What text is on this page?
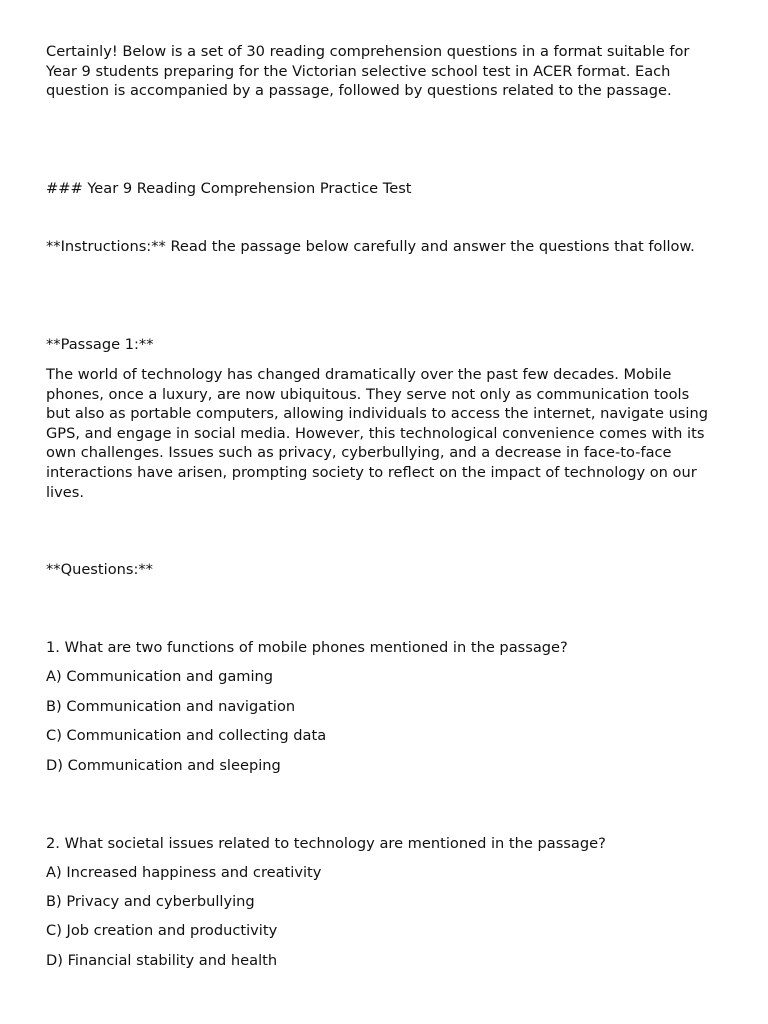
Certainly! Below is a set of 30 reading comprehension questions in a format suitable for Year 9 students preparing for the Victorian selective school test in ACER format. Each question is accompanied by a passage, followed by questions related to the passage.

### Year 9 Reading Comprehension Practice Test

**Instructions:** Read the passage below carefully and answer the questions that follow.

**Passage 1:**

The world of technology has changed dramatically over the past few decades. Mobile phones, once a luxury, are now ubiquitous. They serve not only as communication tools but also as portable computers, allowing individuals to access the internet, navigate using GPS, and engage in social media. However, this technological convenience comes with its own challenges. Issues such as privacy, cyberbullying, and a decrease in face-to-face interactions have arisen, prompting society to reflect on the impact of technology on our lives.

**Questions:**

1. What are two functions of mobile phones mentioned in the passage?

A) Communication and gaming

B) Communication and navigation

C) Communication and collecting data

D) Communication and sleeping

2. What societal issues related to technology are mentioned in the passage?

A) Increased happiness and creativity

B) Privacy and cyberbullying

C) Job creation and productivity

D) Financial stability and health
